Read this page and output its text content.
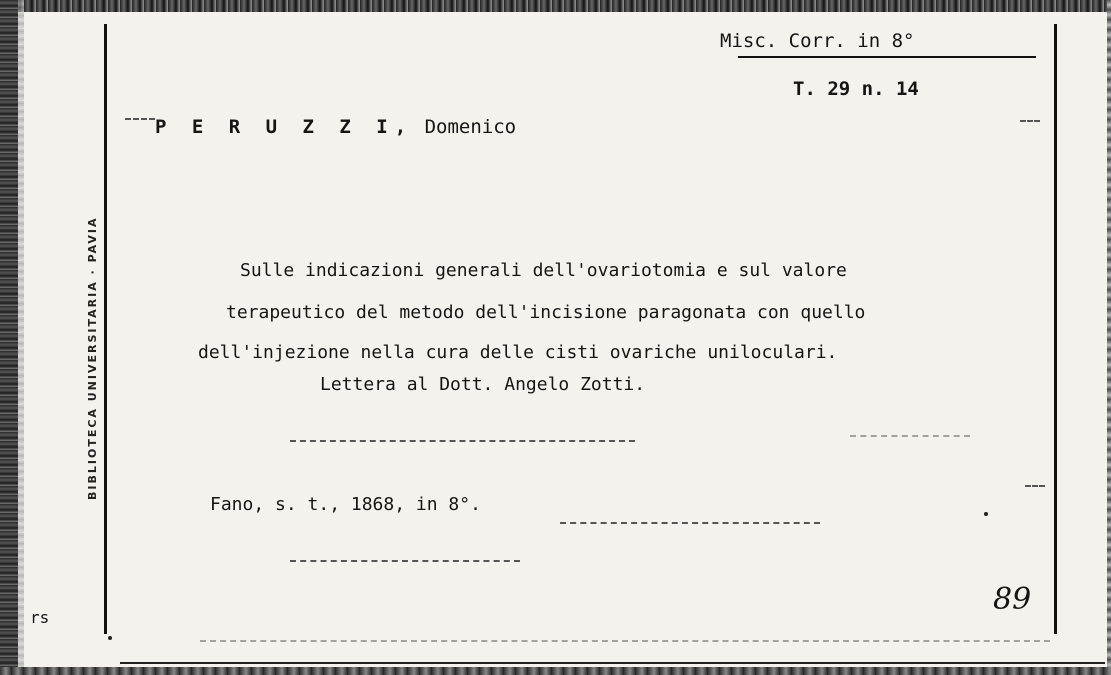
BIBLIOTECA UNIVERSITARIA · PAVIA
Misc. Corr. in 8°
T. 29 n. 14
P E R U Z Z I, Domenico
Sulle indicazioni generali dell'ovariotomia e sul valore
terapeutico del metodo dell'incisione paragonata con quello
dell'injezione nella cura delle cisti ovariche uniloculari.
Lettera al Dott. Angelo Zotti.
Fano, s. t., 1868, in 8°.
rs
89
